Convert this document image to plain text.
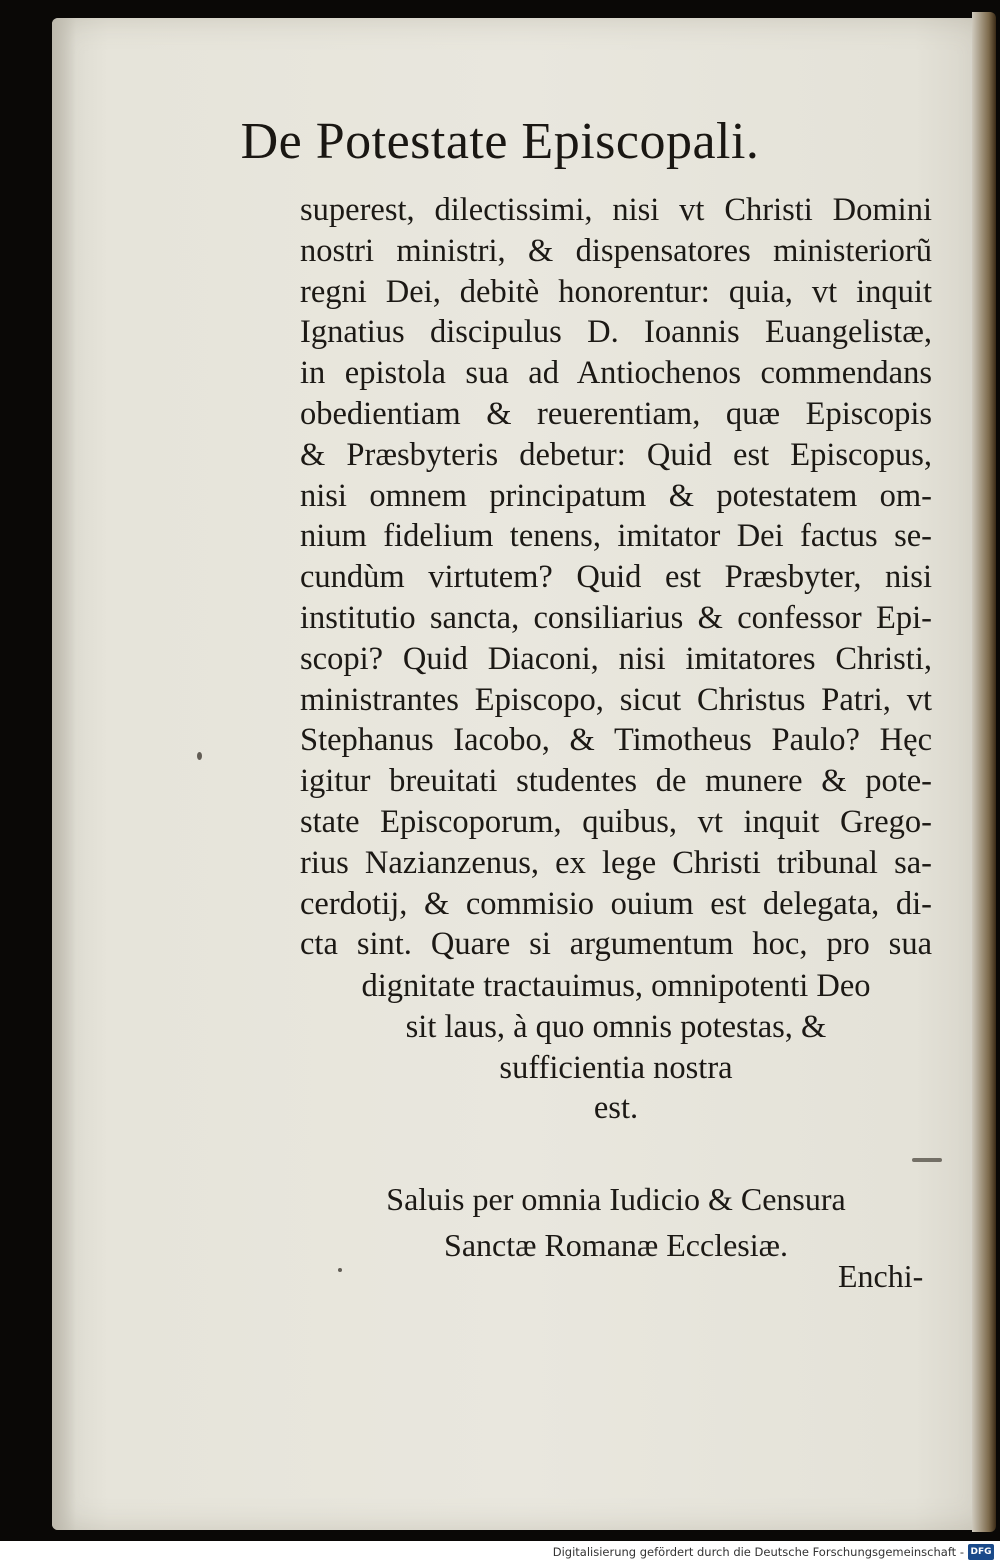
De Potestate Episcopali.
superest, dilectissimi, nisi vt Christi Domini
nostri ministri, & dispensatores ministeriorũ
regni Dei, debitè honorentur: quia, vt inquit
Ignatius discipulus D. Ioannis Euangelistæ,
in epistola sua ad Antiochenos commendans
obedientiam & reuerentiam, quæ Episcopis
& Præsbyteris debetur: Quid est Episcopus,
nisi omnem principatum & potestatem om-
nium fidelium tenens, imitator Dei factus se-
cundùm virtutem? Quid est Præsbyter, nisi
institutio sancta, consiliarius & confessor Epi-
scopi? Quid Diaconi, nisi imitatores Christi,
ministrantes Episcopo, sicut Christus Patri, vt
Stephanus Iacobo, & Timotheus Paulo? Hęc
igitur breuitati studentes de munere & pote-
state Episcoporum, quibus, vt inquit Grego-
rius Nazianzenus, ex lege Christi tribunal sa-
cerdotij, & commisio ouium est delegata, di-
cta sint. Quare si argumentum hoc, pro sua
dignitate tractauimus, omnipotenti Deo
sit laus, à quo omnis potestas, &
sufficientia nostra
est.
Saluis per omnia Iudicio & Censura
Sanctæ Romanæ Ecclesiæ.
Enchi-
Digitalisierung gefördert durch die Deutsche Forschungsgemeinschaft - DFG
